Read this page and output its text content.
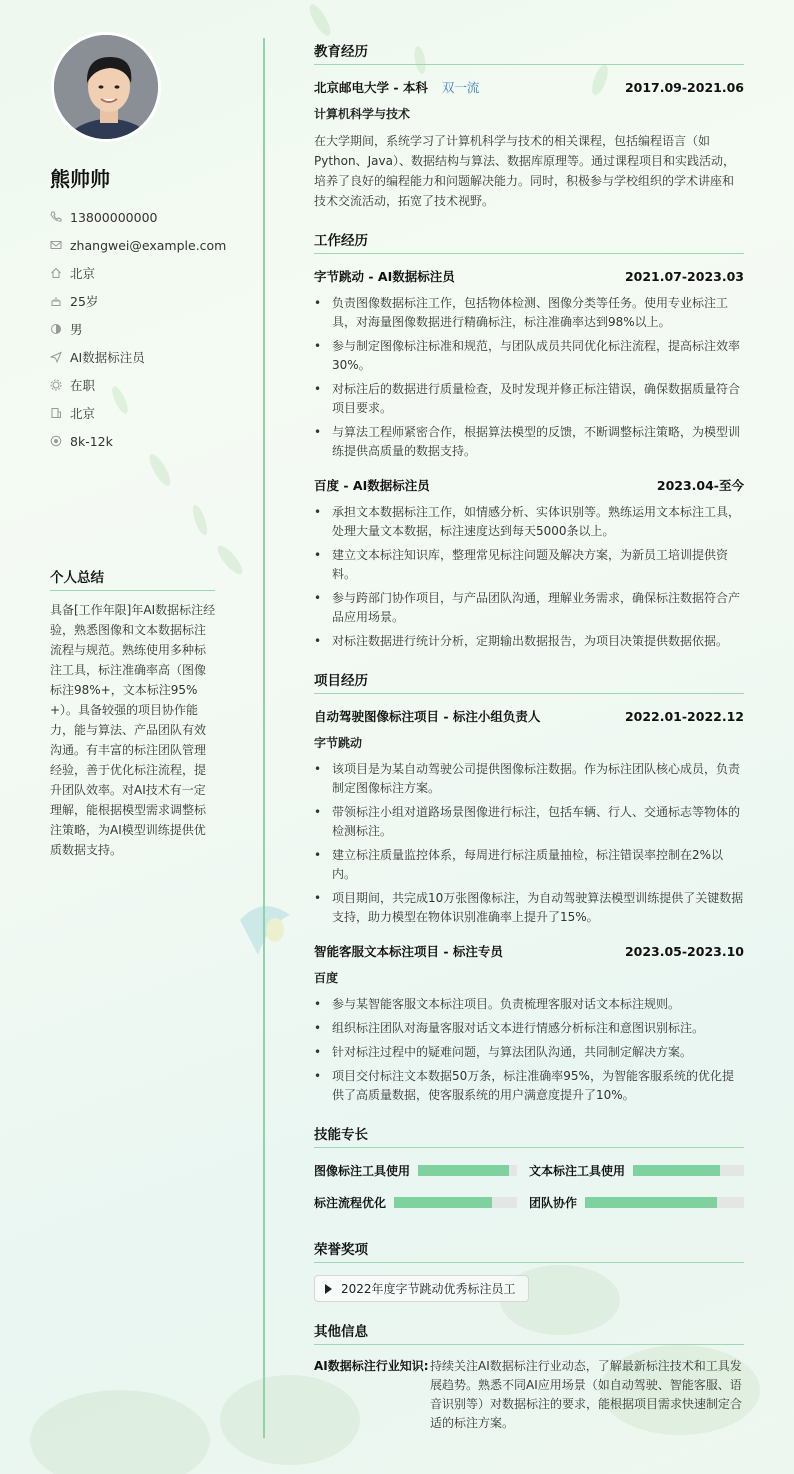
熊帅帅
13800000000
zhangwei@example.com
北京
25岁
男
AI数据标注员
在职
北京
8k-12k
个人总结
具备[工作年限]年AI数据标注经验，熟悉图像和文本数据标注流程与规范。熟练使用多种标注工具，标注准确率高（图像标注98%+，文本标注95%+）。具备较强的项目协作能力，能与算法、产品团队有效沟通。有丰富的标注团队管理经验，善于优化标注流程，提升团队效率。对AI技术有一定理解，能根据模型需求调整标注策略，为AI模型训练提供优质数据支持。
教育经历
北京邮电大学 - 本科 双一流	2017.09-2021.06
计算机科学与技术
在大学期间，系统学习了计算机科学与技术的相关课程，包括编程语言（如Python、Java）、数据结构与算法、数据库原理等。通过课程项目和实践活动，培养了良好的编程能力和问题解决能力。同时，积极参与学校组织的学术讲座和技术交流活动，拓宽了技术视野。
工作经历
字节跳动 - AI数据标注员	2021.07-2023.03
• 负责图像数据标注工作，包括物体检测、图像分类等任务。使用专业标注工具，对海量图像数据进行精确标注，标注准确率达到98%以上。
• 参与制定图像标注标准和规范，与团队成员共同优化标注流程，提高标注效率30%。
• 对标注后的数据进行质量检查，及时发现并修正标注错误，确保数据质量符合项目要求。
• 与算法工程师紧密合作，根据算法模型的反馈，不断调整标注策略，为模型训练提供高质量的数据支持。
百度 - AI数据标注员	2023.04-至今
• 承担文本数据标注工作，如情感分析、实体识别等。熟练运用文本标注工具，处理大量文本数据，标注速度达到每天5000条以上。
• 建立文本标注知识库，整理常见标注问题及解决方案，为新员工培训提供资料。
• 参与跨部门协作项目，与产品团队沟通，理解业务需求，确保标注数据符合产品应用场景。
• 对标注数据进行统计分析，定期输出数据报告，为项目决策提供数据依据。
项目经历
自动驾驶图像标注项目 - 标注小组负责人	2022.01-2022.12
字节跳动
• 该项目是为某自动驾驶公司提供图像标注数据。作为标注团队核心成员，负责制定图像标注方案。
• 带领标注小组对道路场景图像进行标注，包括车辆、行人、交通标志等物体的检测标注。
• 建立标注质量监控体系，每周进行标注质量抽检，标注错误率控制在2%以内。
• 项目期间，共完成10万张图像标注，为自动驾驶算法模型训练提供了关键数据支持，助力模型在物体识别准确率上提升了15%。
智能客服文本标注项目 - 标注专员	2023.05-2023.10
百度
• 参与某智能客服文本标注项目。负责梳理客服对话文本标注规则。
• 组织标注团队对海量客服对话文本进行情感分析标注和意图识别标注。
• 针对标注过程中的疑难问题，与算法团队沟通，共同制定解决方案。
• 项目交付标注文本数据50万条，标注准确率95%，为智能客服系统的优化提供了高质量数据，使客服系统的用户满意度提升了10%。
技能专长
图像标注工具使用	文本标注工具使用
标注流程优化	团队协作
荣誉奖项
2022年度字节跳动优秀标注员工
其他信息
AI数据标注行业知识: 持续关注AI数据标注行业动态，了解最新标注技术和工具发展趋势。熟悉不同AI应用场景（如自动驾驶、智能客服、语音识别等）对数据标注的要求，能根据项目需求快速制定合适的标注方案。
